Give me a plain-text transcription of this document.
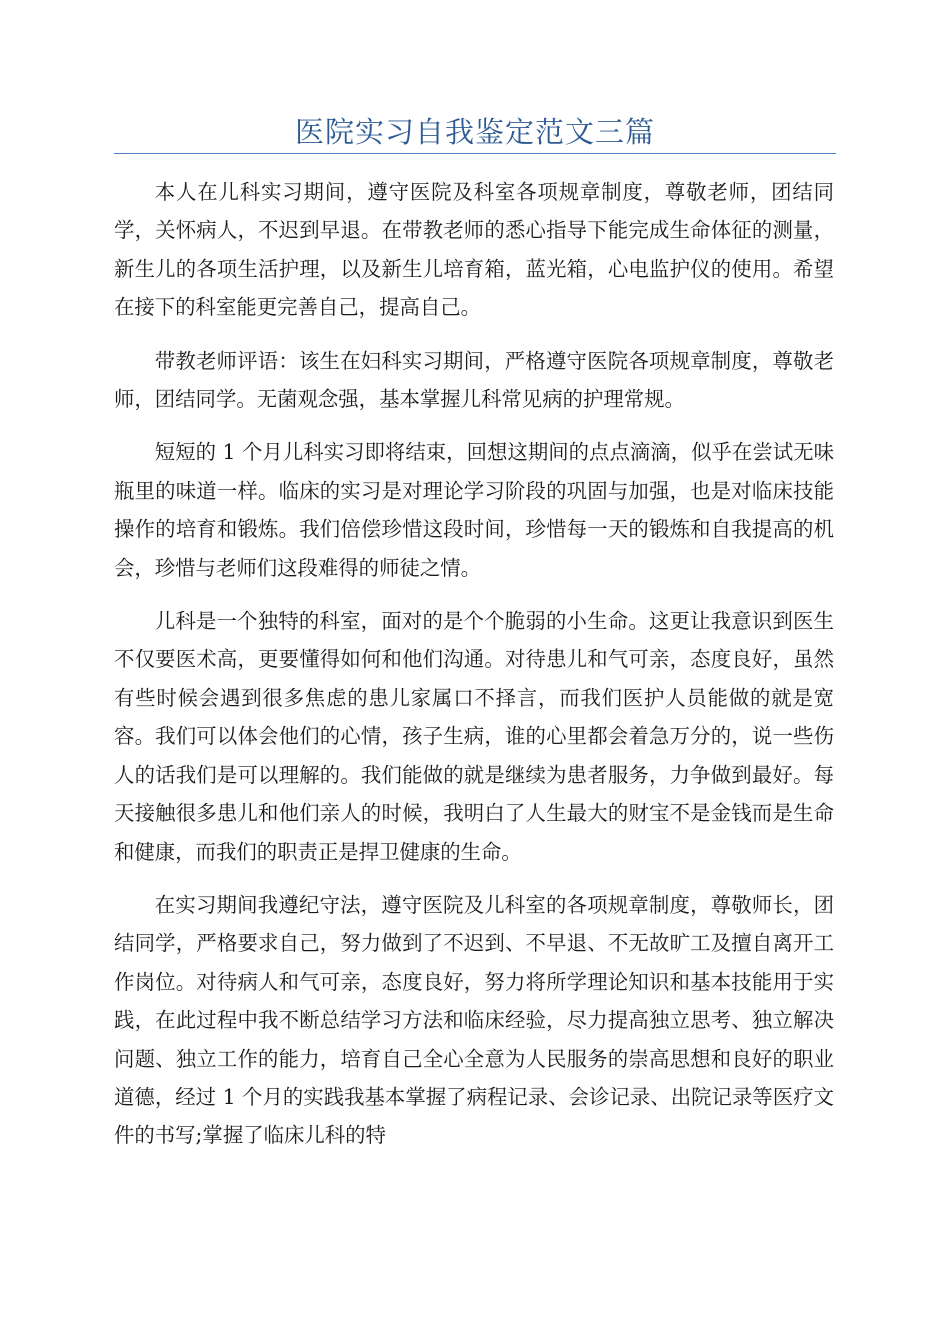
医院实习自我鉴定范文三篇

本人在儿科实习期间，遵守医院及科室各项规章制度，尊敬老师，团结同学，关怀病人，不迟到早退。在带教老师的悉心指导下能完成生命体征的测量，新生儿的各项生活护理，以及新生儿培育箱，蓝光箱，心电监护仪的使用。希望在接下的科室能更完善自己，提高自己。

带教老师评语：该生在妇科实习期间，严格遵守医院各项规章制度，尊敬老师，团结同学。无菌观念强，基本掌握儿科常见病的护理常规。

短短的 1 个月儿科实习即将结束，回想这期间的点点滴滴，似乎在尝试无味瓶里的味道一样。临床的实习是对理论学习阶段的巩固与加强，也是对临床技能操作的培育和锻炼。我们倍偿珍惜这段时间，珍惜每一天的锻炼和自我提高的机会，珍惜与老师们这段难得的师徒之情。

儿科是一个独特的科室，面对的是个个脆弱的小生命。这更让我意识到医生不仅要医术高，更要懂得如何和他们沟通。对待患儿和气可亲，态度良好，虽然有些时候会遇到很多焦虑的患儿家属口不择言，而我们医护人员能做的就是宽容。我们可以体会他们的心情，孩子生病，谁的心里都会着急万分的，说一些伤人的话我们是可以理解的。我们能做的就是继续为患者服务，力争做到最好。每天接触很多患儿和他们亲人的时候，我明白了人生最大的财宝不是金钱而是生命和健康，而我们的职责正是捍卫健康的生命。

在实习期间我遵纪守法，遵守医院及儿科室的各项规章制度，尊敬师长，团结同学，严格要求自己，努力做到了不迟到、不早退、不无故旷工及擅自离开工作岗位。对待病人和气可亲，态度良好，努力将所学理论知识和基本技能用于实践，在此过程中我不断总结学习方法和临床经验，尽力提高独立思考、独立解决问题、独立工作的能力，培育自己全心全意为人民服务的崇高思想和良好的职业道德，经过 1 个月的实践我基本掌握了病程记录、会诊记录、出院记录等医疗文件的书写;掌握了临床儿科的特
